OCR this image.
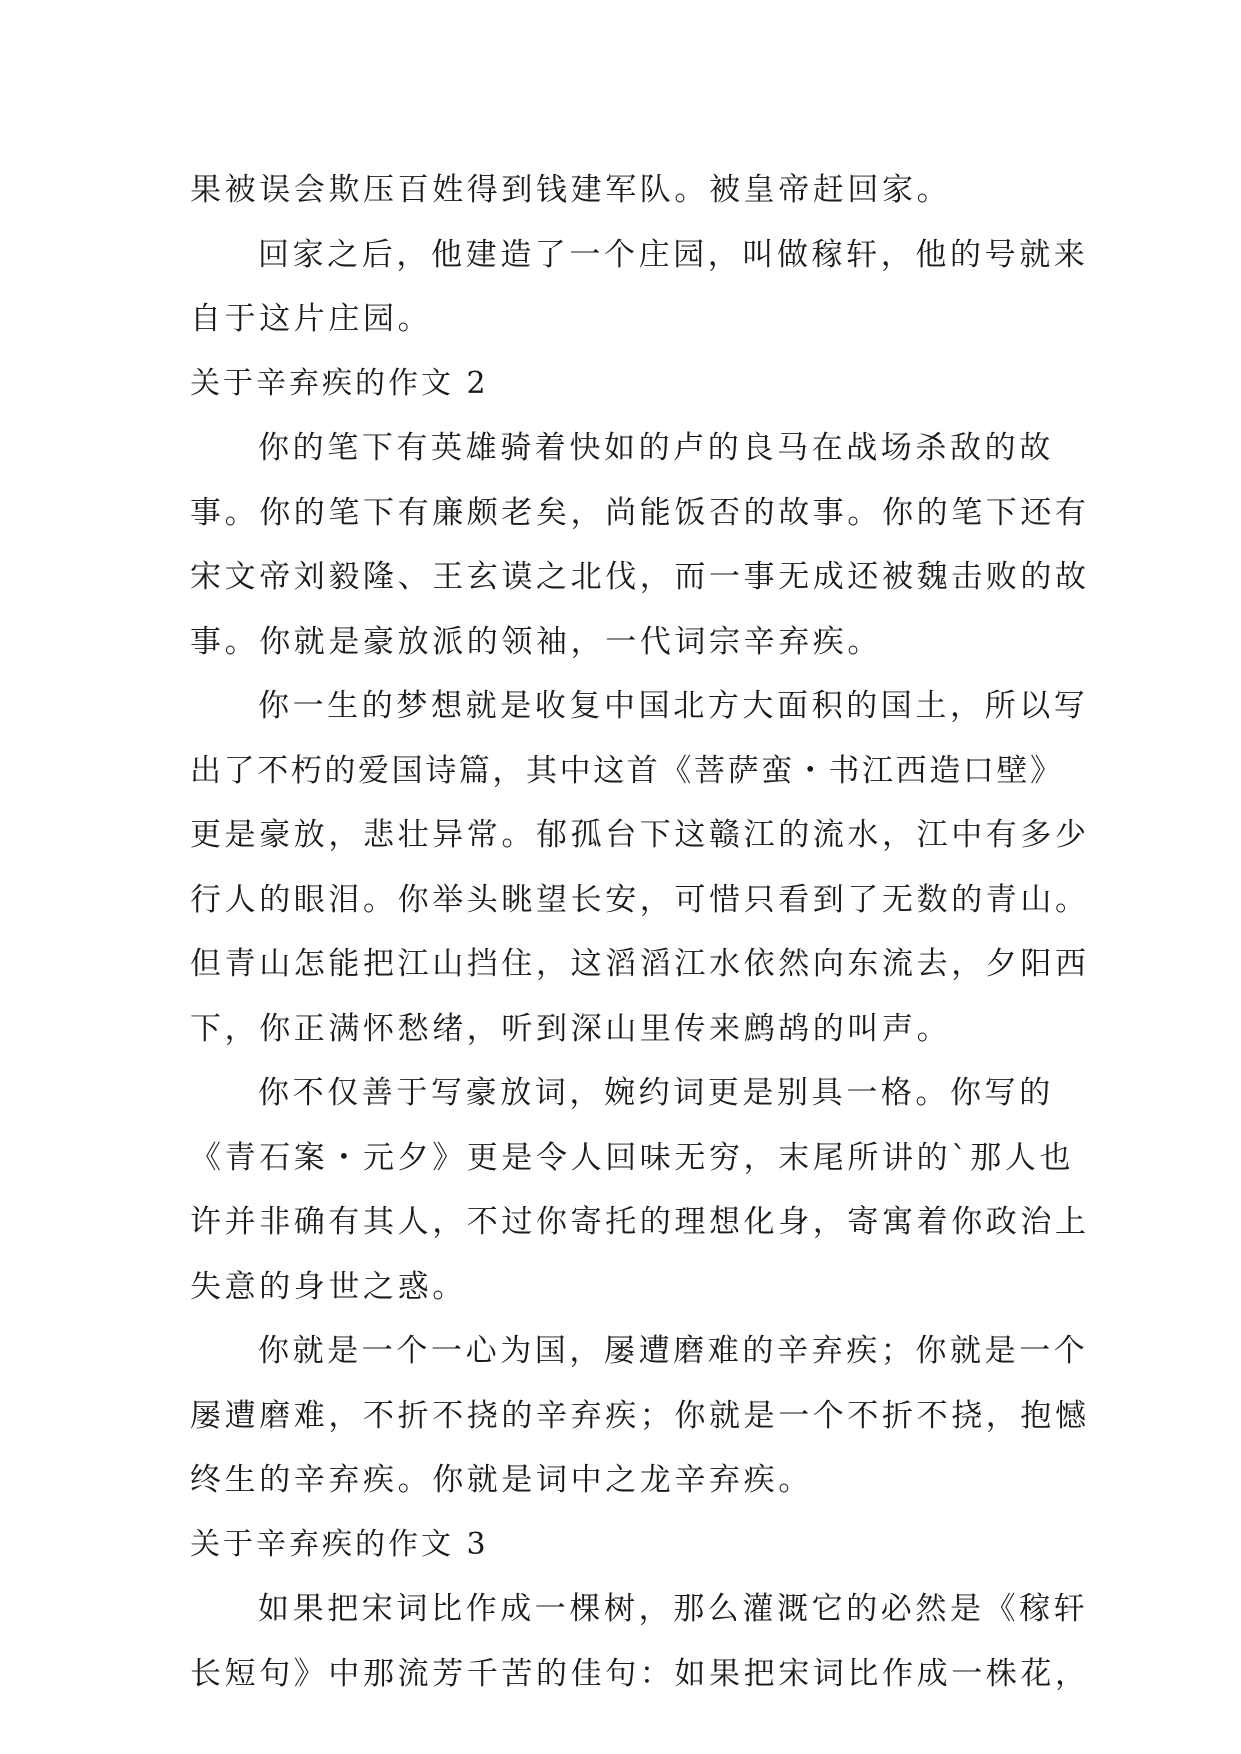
果被误会欺压百姓得到钱建军队。被皇帝赶回家。
回家之后，他建造了一个庄园，叫做稼轩，他的号就来
自于这片庄园。
关于辛弃疾的作文 2
你的笔下有英雄骑着快如的卢的良马在战场杀敌的故
事。你的笔下有廉颇老矣，尚能饭否的故事。你的笔下还有
宋文帝刘毅隆、王玄谟之北伐，而一事无成还被魏击败的故
事。你就是豪放派的领袖，一代词宗辛弃疾。
你一生的梦想就是收复中国北方大面积的国土，所以写
出了不朽的爱国诗篇，其中这首《菩萨蛮・书江西造口壁》
更是豪放，悲壮异常。郁孤台下这赣江的流水，江中有多少
行人的眼泪。你举头眺望长安，可惜只看到了无数的青山。
但青山怎能把江山挡住，这滔滔江水依然向东流去，夕阳西
下，你正满怀愁绪，听到深山里传来鹧鸪的叫声。
你不仅善于写豪放词，婉约词更是别具一格。你写的
《青石案・元夕》更是令人回味无穷，末尾所讲的`那人也
许并非确有其人，不过你寄托的理想化身，寄寓着你政治上
失意的身世之惑。
你就是一个一心为国，屡遭磨难的辛弃疾；你就是一个
屡遭磨难，不折不挠的辛弃疾；你就是一个不折不挠，抱憾
终生的辛弃疾。你就是词中之龙辛弃疾。
关于辛弃疾的作文 3
如果把宋词比作成一棵树，那么灌溉它的必然是《稼轩
长短句》中那流芳千苦的佳句：如果把宋词比作成一株花，
